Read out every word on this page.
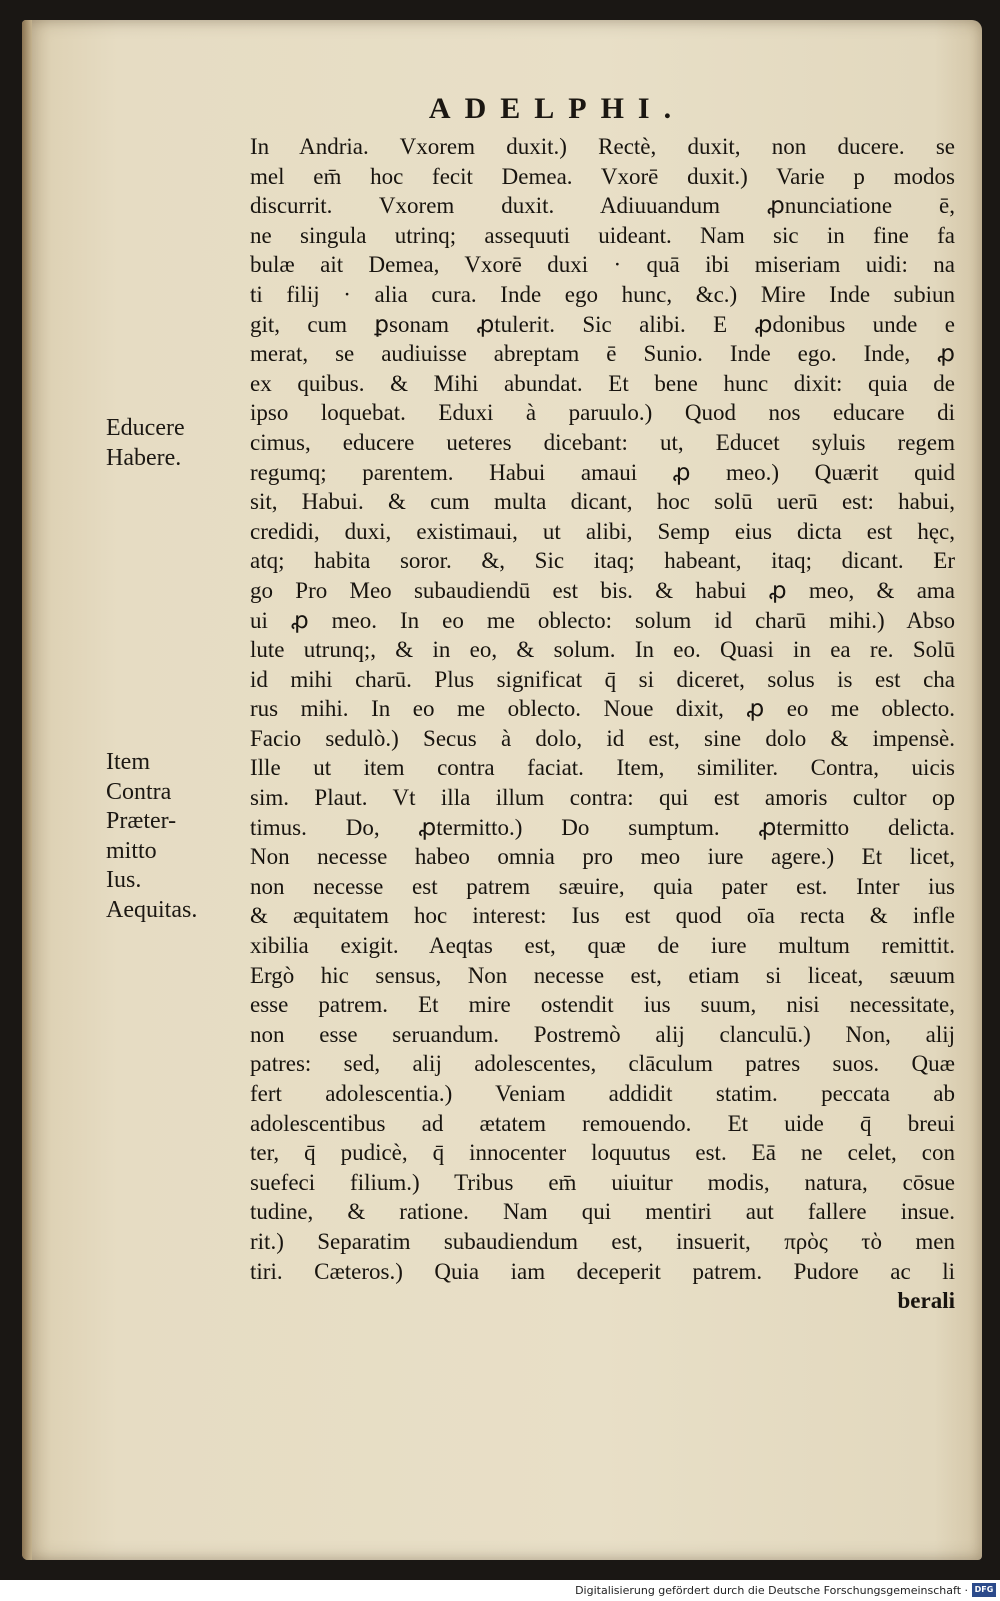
ADELPHI.
In Andria. Vxorem duxit.) Rectè, duxit, non ducere. se
mel em̄ hoc fecit Demea. Vxorē duxit.) Varie p modos
discurrit. Vxorem duxit. Adiuuandum ꝓnunciatione ē,
ne singula utrinq; assequuti uideant. Nam sic in fine fa
bulæ ait Demea, Vxorē duxi · quā ibi miseriam uidi: na
ti filij · alia cura. Inde ego hunc, &c.) Mire Inde subiun
git, cum ꝑsonam ꝓtulerit. Sic alibi. E ꝓdonibus unde e
merat, se audiuisse abreptam ē Sunio. Inde ego. Inde, ꝓ
ex quibus. & Mihi abundat. Et bene hunc dixit: quia de
ipso loquebat. Eduxi à paruulo.) Quod nos educare di
cimus, educere ueteres dicebant: ut, Educet syluis regem
regumq; parentem. Habui amaui ꝓ meo.) Quærit quid
sit, Habui. & cum multa dicant, hoc solū uerū est: habui,
credidi, duxi, existimaui, ut alibi, Semp eius dicta est hęc,
atq; habita soror. &, Sic itaq; habeant, itaq; dicant. Er
go Pro Meo subaudiendū est bis. & habui ꝓ meo, & ama
ui ꝓ meo. In eo me oblecto: solum id charū mihi.) Abso
lute utrunq;, & in eo, & solum. In eo. Quasi in ea re. Solū
id mihi charū. Plus significat q̄ si diceret, solus is est cha
rus mihi. In eo me oblecto. Noue dixit, ꝓ eo me oblecto.
Facio sedulò.) Secus à dolo, id est, sine dolo & impensè.
Ille ut item contra faciat. Item, similiter. Contra, uicis
sim. Plaut. Vt illa illum contra: qui est amoris cultor op
timus. Do, ꝓtermitto.) Do sumptum. ꝓtermitto delicta.
Non necesse habeo omnia pro meo iure agere.) Et licet,
non necesse est patrem sæuire, quia pater est. Inter ius
& æquitatem hoc interest: Ius est quod oīa recta & infle
xibilia exigit. Aeqtas est, quæ de iure multum remittit.
Ergò hic sensus, Non necesse est, etiam si liceat, sæuum
esse patrem. Et mire ostendit ius suum, nisi necessitate,
non esse seruandum. Postremò alij clanculū.) Non, alij
patres: sed, alij adolescentes, clāculum patres suos. Quæ
fert adolescentia.) Veniam addidit statim. peccata ab
adolescentibus ad ætatem remouendo. Et uide q̄ breui
ter, q̄ pudicè, q̄ innocenter loquutus est. Eā ne celet, con
suefeci filium.) Tribus em̄ uiuitur modis, natura, cōsue
tudine, & ratione. Nam qui mentiri aut fallere insue.
rit.) Separatim subaudiendum est, insuerit, πρὸς τὸ men
tiri. Cæteros.) Quia iam deceperit patrem. Pudore ac li
berali
Educere
Habere.
Item
Contra
Præter-
mitto
Ius.
Aequitas.
Digitalisierung gefördert durch die Deutsche Forschungsgemeinschaft · DFG
